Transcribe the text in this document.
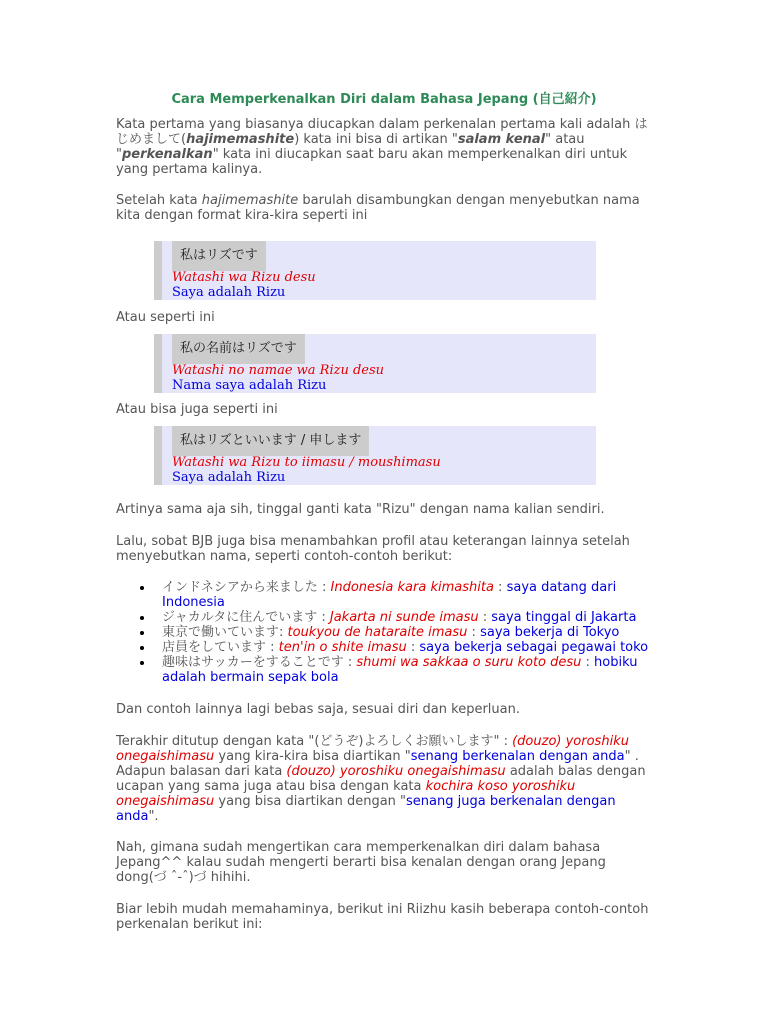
Cara Memperkenalkan Diri dalam Bahasa Jepang (自己紹介)

Kata pertama yang biasanya diucapkan dalam perkenalan pertama kali adalah はじめまして(hajimemashite) kata ini bisa di artikan "salam kenal" atau "perkenalkan" kata ini diucapkan saat baru akan memperkenalkan diri untuk yang pertama kalinya.

Setelah kata hajimemashite barulah disambungkan dengan menyebutkan nama kita dengan format kira-kira seperti ini

私はリズです
Watashi wa Rizu desu
Saya adalah Rizu

Atau seperti ini

私の名前はリズです
Watashi no namae wa Rizu desu
Nama saya adalah Rizu

Atau bisa juga seperti ini

私はリズといいます / 申します
Watashi wa Rizu to iimasu / moushimasu
Saya adalah Rizu

Artinya sama aja sih, tinggal ganti kata "Rizu" dengan nama kalian sendiri.

Lalu, sobat BJB juga bisa menambahkan profil atau keterangan lainnya setelah menyebutkan nama, seperti contoh-contoh berikut:

インドネシアから来ました : Indonesia kara kimashita : saya datang dari Indonesia
ジャカルタに住んでいます : Jakarta ni sunde imasu : saya tinggal di Jakarta
東京で働いています: toukyou de hataraite imasu : saya bekerja di Tokyo
店員をしています : ten'in o shite imasu : saya bekerja sebagai pegawai toko
趣味はサッカーをすることです : shumi wa sakkaa o suru koto desu : hobiku adalah bermain sepak bola

Dan contoh lainnya lagi bebas saja, sesuai diri dan keperluan.

Terakhir ditutup dengan kata "(どうぞ)よろしくお願いします" : (douzo) yoroshiku onegaishimasu yang kira-kira bisa diartikan "senang berkenalan dengan anda" . Adapun balasan dari kata (douzo) yoroshiku onegaishimasu adalah balas dengan ucapan yang sama juga atau bisa dengan kata kochira koso yoroshiku onegaishimasu yang bisa diartikan dengan "senang juga berkenalan dengan anda".

Nah, gimana sudah mengertikan cara memperkenalkan diri dalam bahasa Jepang^^ kalau sudah mengerti berarti bisa kenalan dengan orang Jepang dong(づ ˆ-ˆ)づ hihihi.

Biar lebih mudah memahaminya, berikut ini Riizhu kasih beberapa contoh-contoh perkenalan berikut ini:
